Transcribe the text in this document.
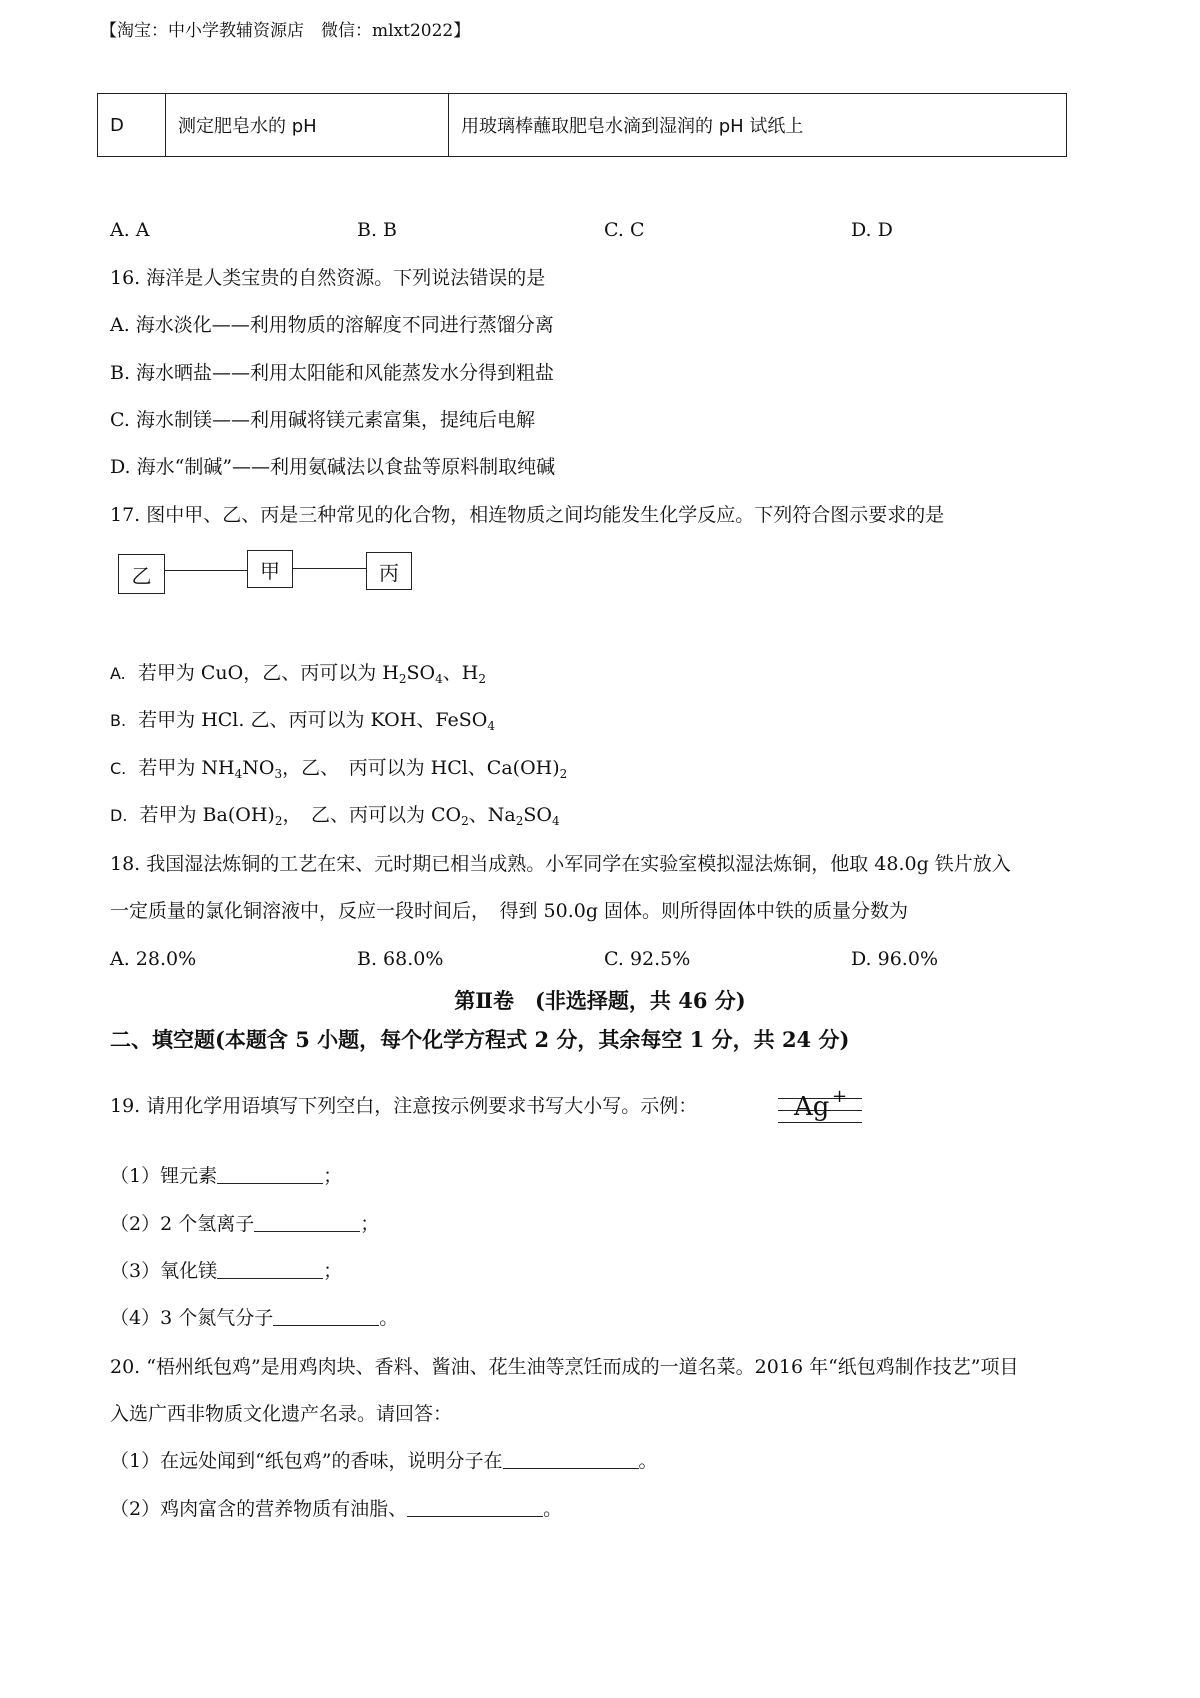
【淘宝：中小学教辅资源店　微信：mlxt2022】
D	测定肥皂水的 pH	用玻璃棒蘸取肥皂水滴到湿润的 pH 试纸上
A. A	B. B	C. C	D. D
16. 海洋是人类宝贵的自然资源。下列说法错误的是
A. 海水淡化——利用物质的溶解度不同进行蒸馏分离
B. 海水晒盐——利用太阳能和风能蒸发水分得到粗盐
C. 海水制镁——利用碱将镁元素富集，提纯后电解
D. 海水“制碱”——利用氨碱法以食盐等原料制取纯碱
17. 图中甲、乙、丙是三种常见的化合物，相连物质之间均能发生化学反应。下列符合图示要求的是
乙	甲	丙
A. 若甲为 CuO，乙、丙可以为 $H_2SO_4$、$H_2$
B. 若甲为 HCl. 乙、丙可以为 KOH、FeSO$_4$
C. 若甲为 $NH_4NO_3$，乙、　丙可以为 HCl、$Ca(OH)_2$
D. 若甲为 $Ba(OH)_2$，　乙、丙可以为 $CO_2$、$Na_2SO_4$
18. 我国湿法炼铜的工艺在宋、元时期已相当成熟。小军同学在实验室模拟湿法炼铜，他取 48.0g 铁片放入
一定质量的氯化铜溶液中，反应一段时间后，　得到 50.0g 固体。则所得固体中铁的质量分数为
A. 28.0%	B. 68.0%	C. 92.5%	D. 96.0%
第Ⅱ卷　(非选择题，共 46 分)
二、填空题(本题含 5 小题，每个化学方程式 2 分，其余每空 1 分，共 24 分)
19. 请用化学用语填写下列空白，注意按示例要求书写大小写。示例：	Ag +
（1）锂元素	；
（2）2 个氢离子	；
（3）氧化镁	；
（4）3 个氮气分子	。
20. “梧州纸包鸡”是用鸡肉块、香料、酱油、花生油等烹饪而成的一道名菜。2016 年“纸包鸡制作技艺”项目
入选广西非物质文化遗产名录。请回答：
（1）在远处闻到“纸包鸡”的香味，说明分子在	。
（2）鸡肉富含的营养物质有油脂、	。
